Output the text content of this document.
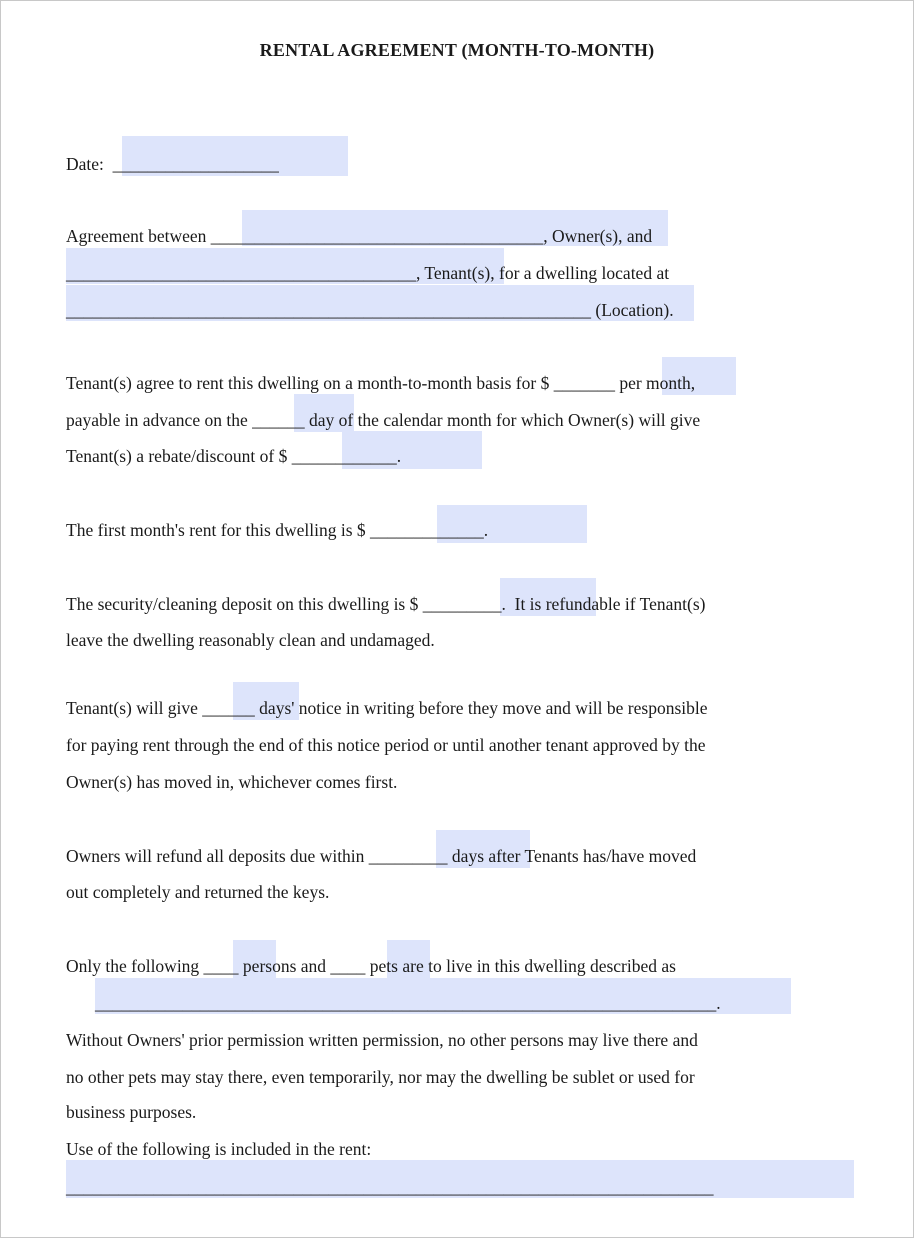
RENTAL AGREEMENT (MONTH-TO-MONTH)
Date:  ___________________
Agreement between ______________________________________, Owner(s), and
________________________________________, Tenant(s), for a dwelling located at
____________________________________________________________ (Location).
Tenant(s) agree to rent this dwelling on a month-to-month basis for $ _______ per month,
payable in advance on the ______ day of the calendar month for which Owner(s) will give
Tenant(s) a rebate/discount of $ ____________.
The first month's rent for this dwelling is $ _____________.
The security/cleaning deposit on this dwelling is $ _________.  It is refundable if Tenant(s)
leave the dwelling reasonably clean and undamaged.
Tenant(s) will give ______ days' notice in writing before they move and will be responsible
for paying rent through the end of this notice period or until another tenant approved by the
Owner(s) has moved in, whichever comes first.
Owners will refund all deposits due within _________ days after Tenants has/have moved
out completely and returned the keys.
Only the following ____ persons and ____ pets are to live in this dwelling described as
_______________________________________________________________________.
Without Owners' prior permission written permission, no other persons may live there and
no other pets may stay there, even temporarily, nor may the dwelling be sublet or used for
business purposes.
Use of the following is included in the rent:
__________________________________________________________________________
